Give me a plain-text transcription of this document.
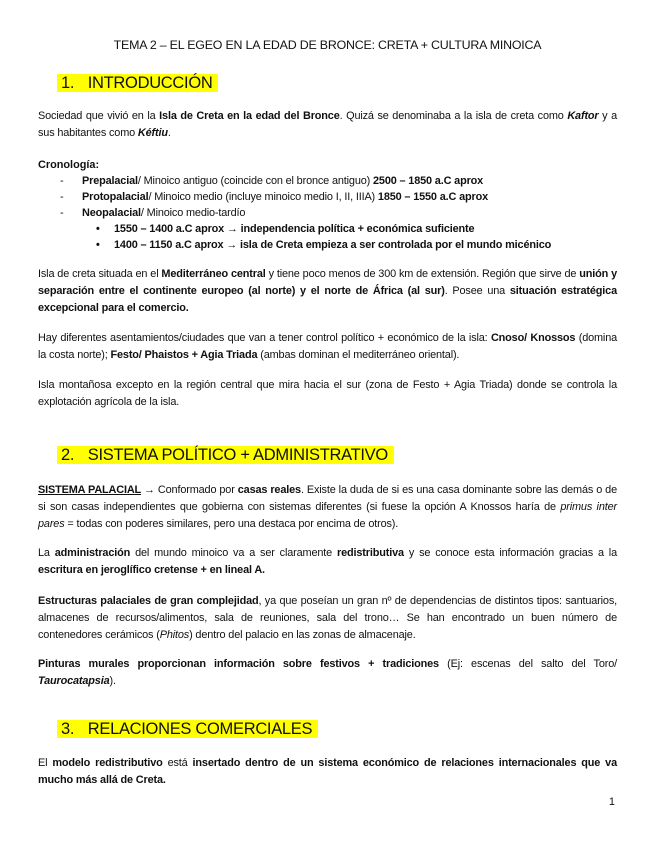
TEMA 2 – EL EGEO EN LA EDAD DE BRONCE: CRETA + CULTURA MINOICA
1. INTRODUCCIÓN
Sociedad que vivió en la Isla de Creta en la edad del Bronce. Quizá se denominaba a la isla de creta como Kaftor y a sus habitantes como Kéftiu.
Cronología:
- Prepalacial/ Minoico antiguo (coincide con el bronce antiguo) 2500 – 1850 a.C aprox
- Protopalacial/ Minoico medio (incluye minoico medio I, II, IIIA) 1850 – 1550 a.C aprox
- Neopalacial/ Minoico medio-tardío
• 1550 – 1400 a.C aprox → independencia política + económica suficiente
• 1400 – 1150 a.C aprox → isla de Creta empieza a ser controlada por el mundo micénico
Isla de creta situada en el Mediterráneo central y tiene poco menos de 300 km de extensión. Región que sirve de unión y separación entre el continente europeo (al norte) y el norte de África (al sur). Posee una situación estratégica excepcional para el comercio.
Hay diferentes asentamientos/ciudades que van a tener control político + económico de la isla: Cnoso/ Knossos (domina la costa norte); Festo/ Phaistos + Agia Triada (ambas dominan el mediterráneo oriental).
Isla montañosa excepto en la región central que mira hacia el sur (zona de Festo + Agia Triada) donde se controla la explotación agrícola de la isla.
2. SISTEMA POLÍTICO + ADMINISTRATIVO
SISTEMA PALACIAL → Conformado por casas reales. Existe la duda de si es una casa dominante sobre las demás o de si son casas independientes que gobierna con sistemas diferentes (si fuese la opción A Knossos haría de primus inter pares = todas con poderes similares, pero una destaca por encima de otros).
La administración del mundo minoico va a ser claramente redistributiva y se conoce esta información gracias a la escritura en jeroglífico cretense + en lineal A.
Estructuras palaciales de gran complejidad, ya que poseían un gran nº de dependencias de distintos tipos: santuarios, almacenes de recursos/alimentos, sala de reuniones, sala del trono… Se han encontrado un buen número de contenedores cerámicos (Phitos) dentro del palacio en las zonas de almacenaje.
Pinturas murales proporcionan información sobre festivos + tradiciones (Ej: escenas del salto del Toro/ Taurocatapsia).
3. RELACIONES COMERCIALES
El modelo redistributivo está insertado dentro de un sistema económico de relaciones internacionales que va mucho más allá de Creta.
1
